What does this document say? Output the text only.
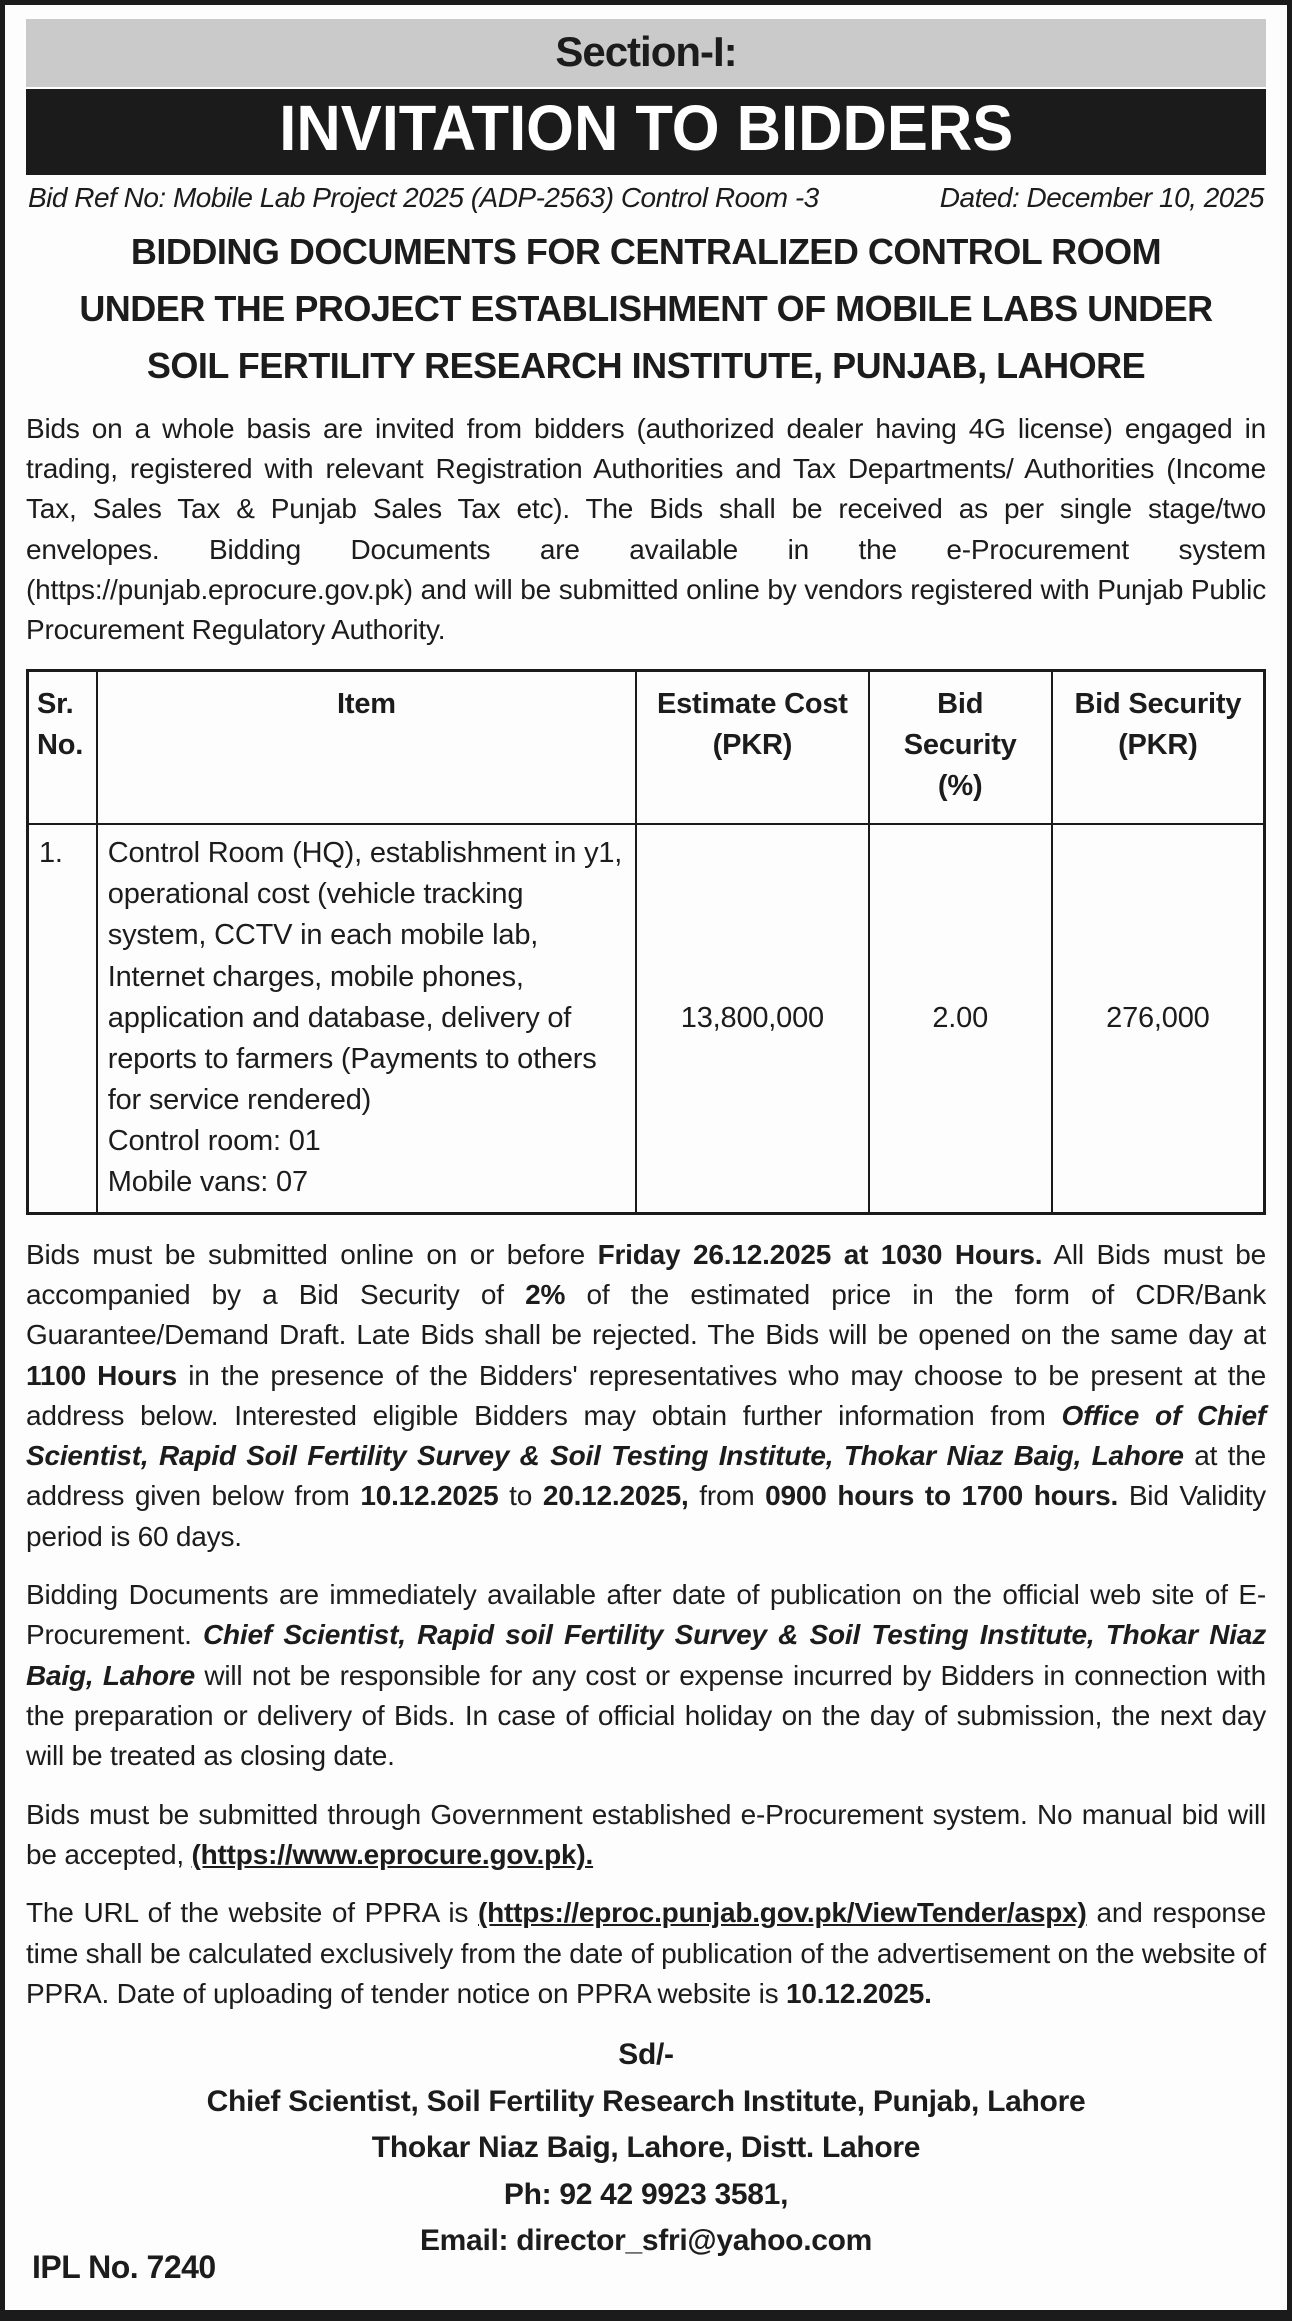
Section-I:
INVITATION TO BIDDERS
Bid Ref No: Mobile Lab Project 2025 (ADP-2563) Control Room -3	Dated: December 10, 2025
BIDDING DOCUMENTS FOR CENTRALIZED CONTROL ROOM
UNDER THE PROJECT ESTABLISHMENT OF MOBILE LABS UNDER
SOIL FERTILITY RESEARCH INSTITUTE, PUNJAB, LAHORE

Bids on a whole basis are invited from bidders (authorized dealer having 4G license) engaged in trading, registered with relevant Registration Authorities and Tax Departments/ Authorities (Income Tax, Sales Tax & Punjab Sales Tax etc). The Bids shall be received as per single stage/two envelopes. Bidding Documents are available in the e-Procurement system (https://punjab.eprocure.gov.pk) and will be submitted online by vendors registered with Punjab Public Procurement Regulatory Authority.

Sr. No.	Item	Estimate Cost (PKR)	Bid Security (%)	Bid Security (PKR)
1.	Control Room (HQ), establishment in y1, operational cost (vehicle tracking system, CCTV in each mobile lab, Internet charges, mobile phones, application and database, delivery of reports to farmers (Payments to others for service rendered)
Control room: 01
Mobile vans: 07	13,800,000	2.00	276,000

Bids must be submitted online on or before Friday 26.12.2025 at 1030 Hours. All Bids must be accompanied by a Bid Security of 2% of the estimated price in the form of CDR/Bank Guarantee/Demand Draft. Late Bids shall be rejected. The Bids will be opened on the same day at 1100 Hours in the presence of the Bidders' representatives who may choose to be present at the address below. Interested eligible Bidders may obtain further information from Office of Chief Scientist, Rapid Soil Fertility Survey & Soil Testing Institute, Thokar Niaz Baig, Lahore at the address given below from 10.12.2025 to 20.12.2025, from 0900 hours to 1700 hours. Bid Validity period is 60 days.

Bidding Documents are immediately available after date of publication on the official web site of E-Procurement. Chief Scientist, Rapid soil Fertility Survey & Soil Testing Institute, Thokar Niaz Baig, Lahore will not be responsible for any cost or expense incurred by Bidders in connection with the preparation or delivery of Bids. In case of official holiday on the day of submission, the next day will be treated as closing date.

Bids must be submitted through Government established e-Procurement system. No manual bid will be accepted, (https://www.eprocure.gov.pk).

The URL of the website of PPRA is (https://eproc.punjab.gov.pk/ViewTender/aspx) and response time shall be calculated exclusively from the date of publication of the advertisement on the website of PPRA. Date of uploading of tender notice on PPRA website is 10.12.2025.

Sd/-
Chief Scientist, Soil Fertility Research Institute, Punjab, Lahore
Thokar Niaz Baig, Lahore, Distt. Lahore
Ph: 92 42 9923 3581,
Email: director_sfri@yahoo.com
IPL No. 7240
